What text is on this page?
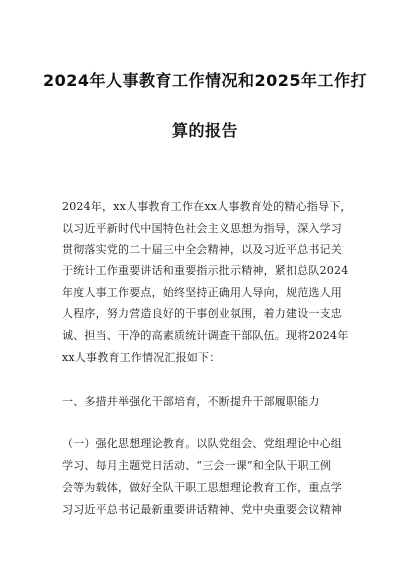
2024年人事教育工作情况和2025年工作打
算的报告
2024年，xx人事教育工作在xx人事教育处的精心指导下，
以习近平新时代中国特色社会主义思想为指导，深入学习
贯彻落实党的二十届三中全会精神，以及习近平总书记关
于统计工作重要讲话和重要指示批示精神，紧扣总队2024
年度人事工作要点，始终坚持正确用人导向，规范选人用
人程序，努力营造良好的干事创业氛围，着力建设一支忠
诚、担当、干净的高素质统计调查干部队伍。现将2024年
xx人事教育工作情况汇报如下：
一、多措并举强化干部培育，不断提升干部履职能力
（一）强化思想理论教育。以队党组会、党组理论中心组
学习、每月主题党日活动、“三会一课”和全队干职工例
会等为载体，做好全队干职工思想理论教育工作，重点学
习习近平总书记最新重要讲话精神、党中央重要会议精神
